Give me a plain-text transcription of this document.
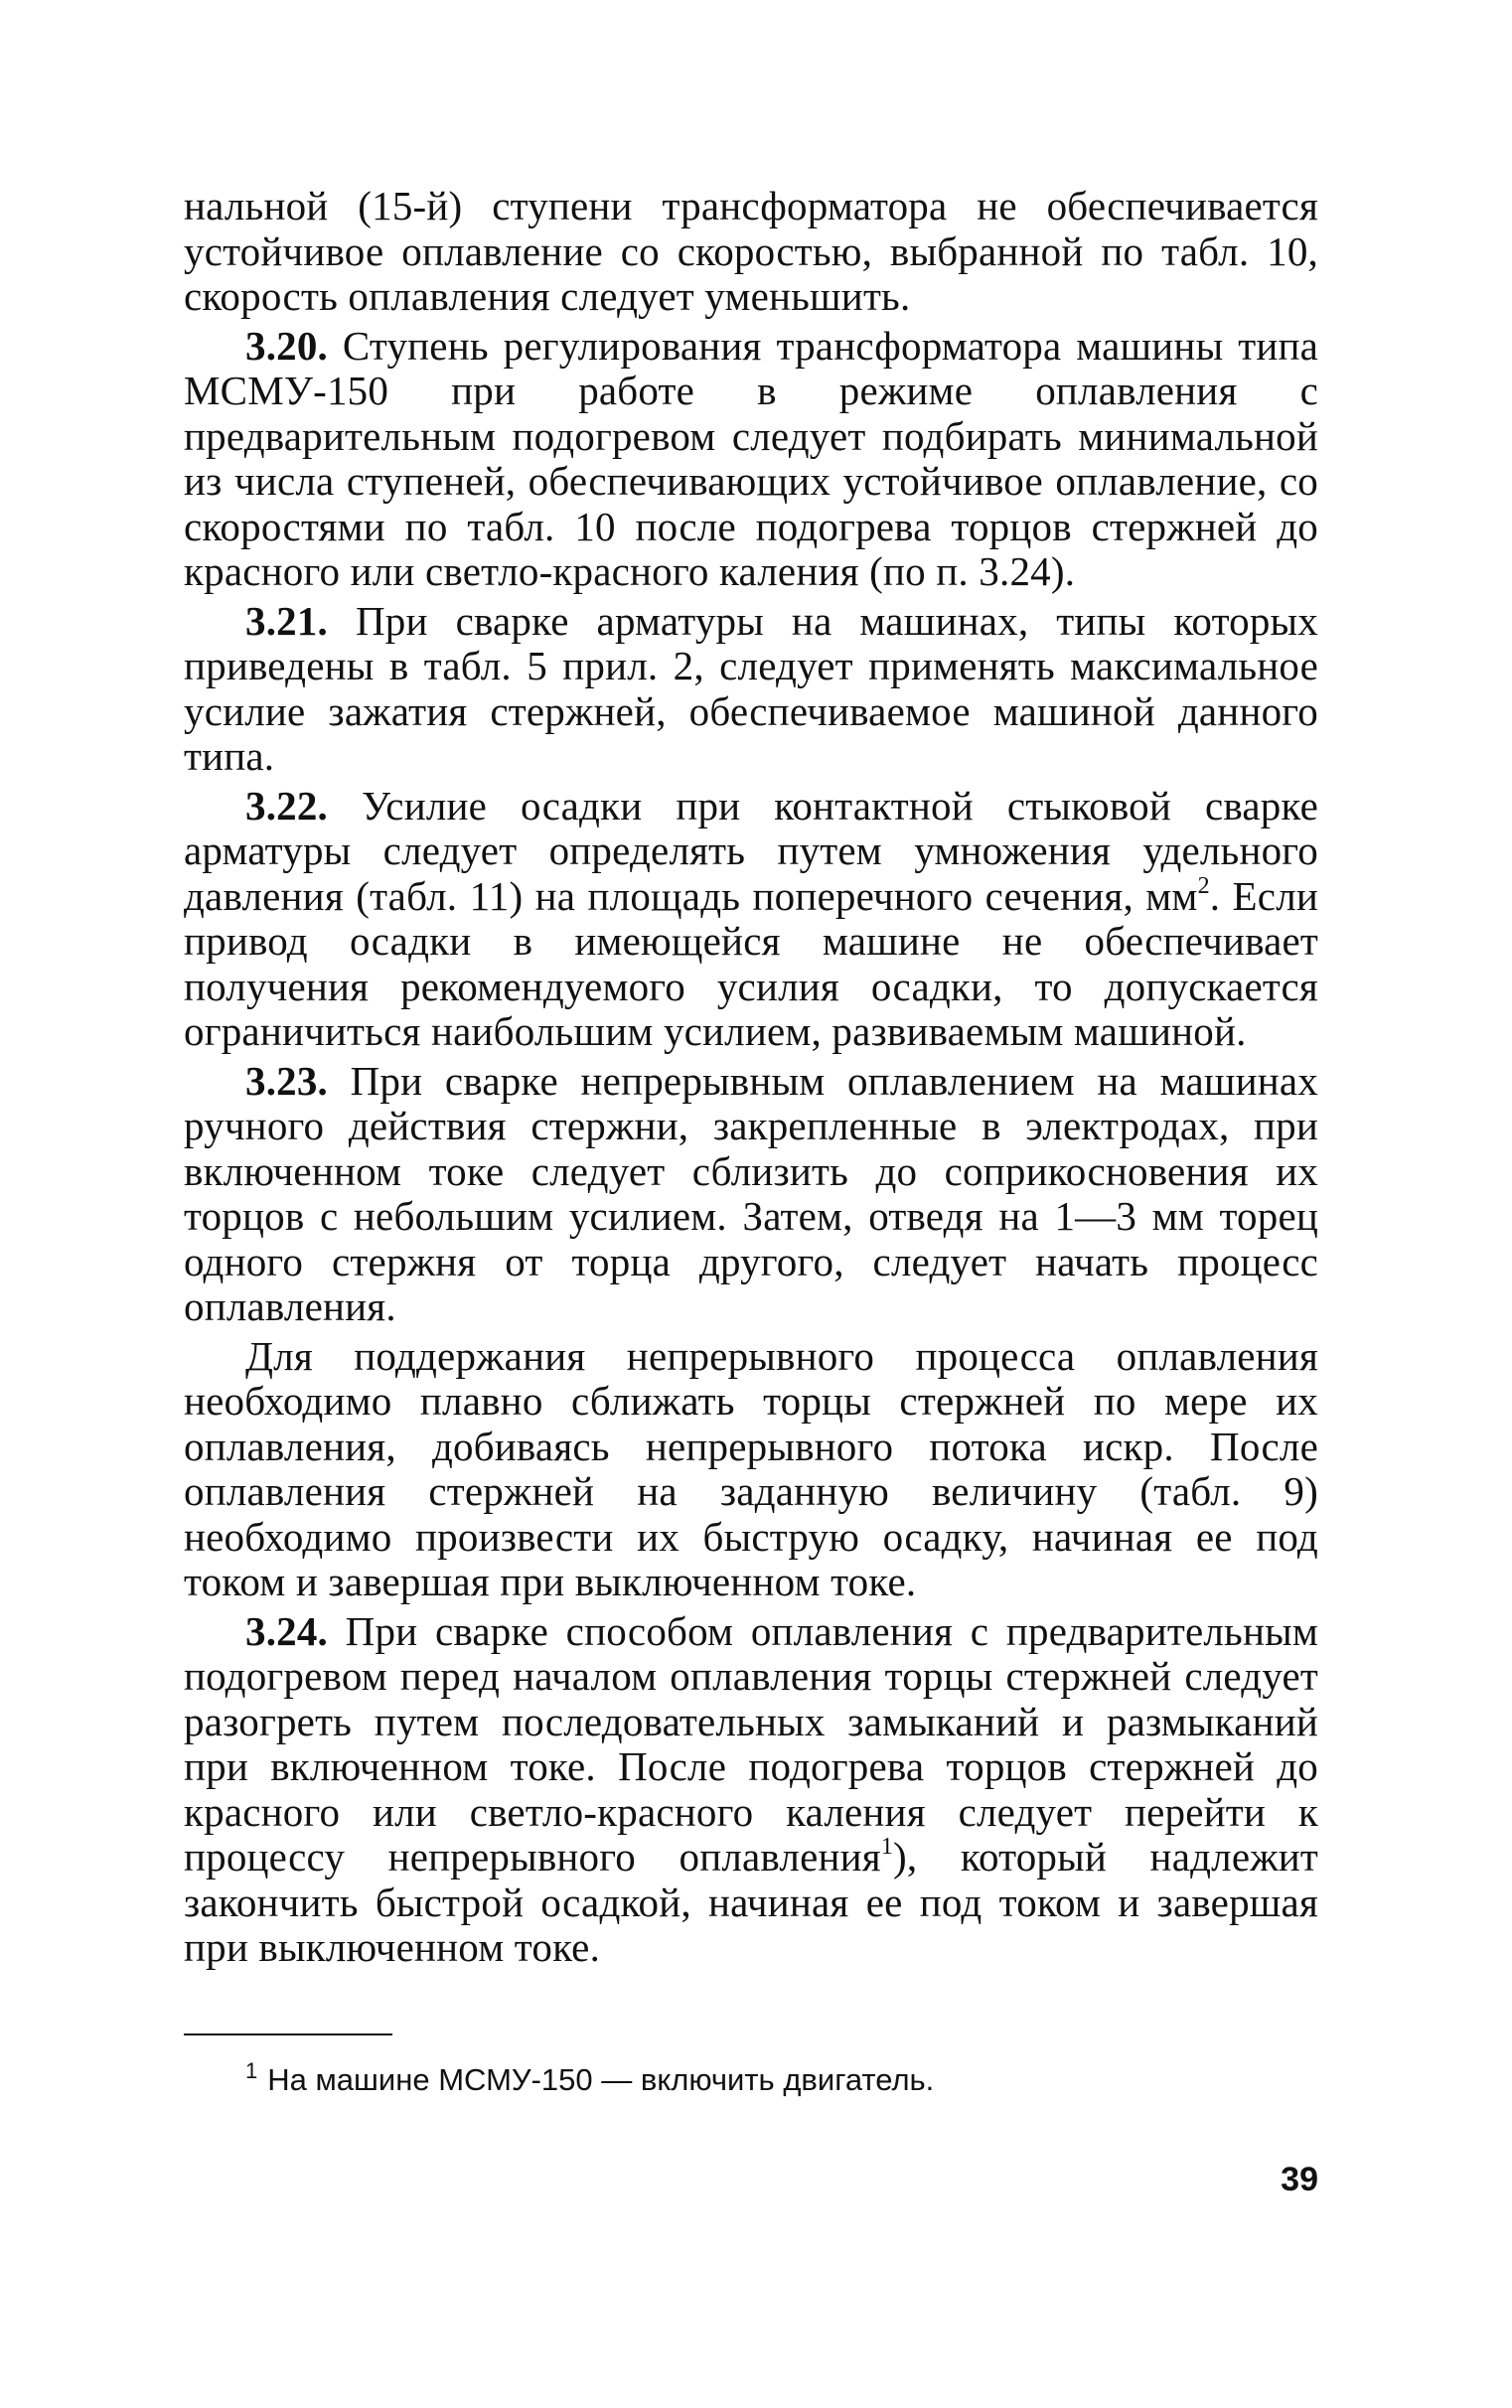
нальной (15-й) ступени трансформатора не обеспечивается устойчивое оплавление со скоростью, выбранной по табл. 10, скорость оплавления следует уменьшить.

3.20. Ступень регулирования трансформатора машины типа МСМУ-150 при работе в режиме оплавления с предварительным подогревом следует подбирать минимальной из числа ступеней, обеспечивающих устойчивое оплавление, со скоростями по табл. 10 после подогрева торцов стержней до красного или светло-красного каления (по п. 3.24).

3.21. При сварке арматуры на машинах, типы которых приведены в табл. 5 прил. 2, следует применять максимальное усилие зажатия стержней, обеспечиваемое машиной данного типа.

3.22. Усилие осадки при контактной стыковой сварке арматуры следует определять путем умножения удельного давления (табл. 11) на площадь поперечного сечения, $мм^2$. Если привод осадки в имеющейся машине не обеспечивает получения рекомендуемого усилия осадки, то допускается ограничиться наибольшим усилием, развиваемым машиной.

3.23. При сварке непрерывным оплавлением на машинах ручного действия стержни, закрепленные в электродах, при включенном токе следует сблизить до соприкосновения их торцов с небольшим усилием. Затем, отведя на 1—3 мм торец одного стержня от торца другого, следует начать процесс оплавления.

Для поддержания непрерывного процесса оплавления необходимо плавно сближать торцы стержней по мере их оплавления, добиваясь непрерывного потока искр. После оплавления стержней на заданную величину (табл. 9) необходимо произвести их быструю осадку, начиная ее под током и завершая при выключенном токе.

3.24. При сварке способом оплавления с предварительным подогревом перед началом оплавления торцы стержней следует разогреть путем последовательных замыканий и размыканий при включенном токе. После подогрева торцов стержней до красного или светло-красного каления следует перейти к процессу непрерывного оплавления$^1$), который надлежит закончить быстрой осадкой, начиная ее под током и завершая при выключенном токе.

$^1$ На машине МСМУ-150 — включить двигатель.
39
